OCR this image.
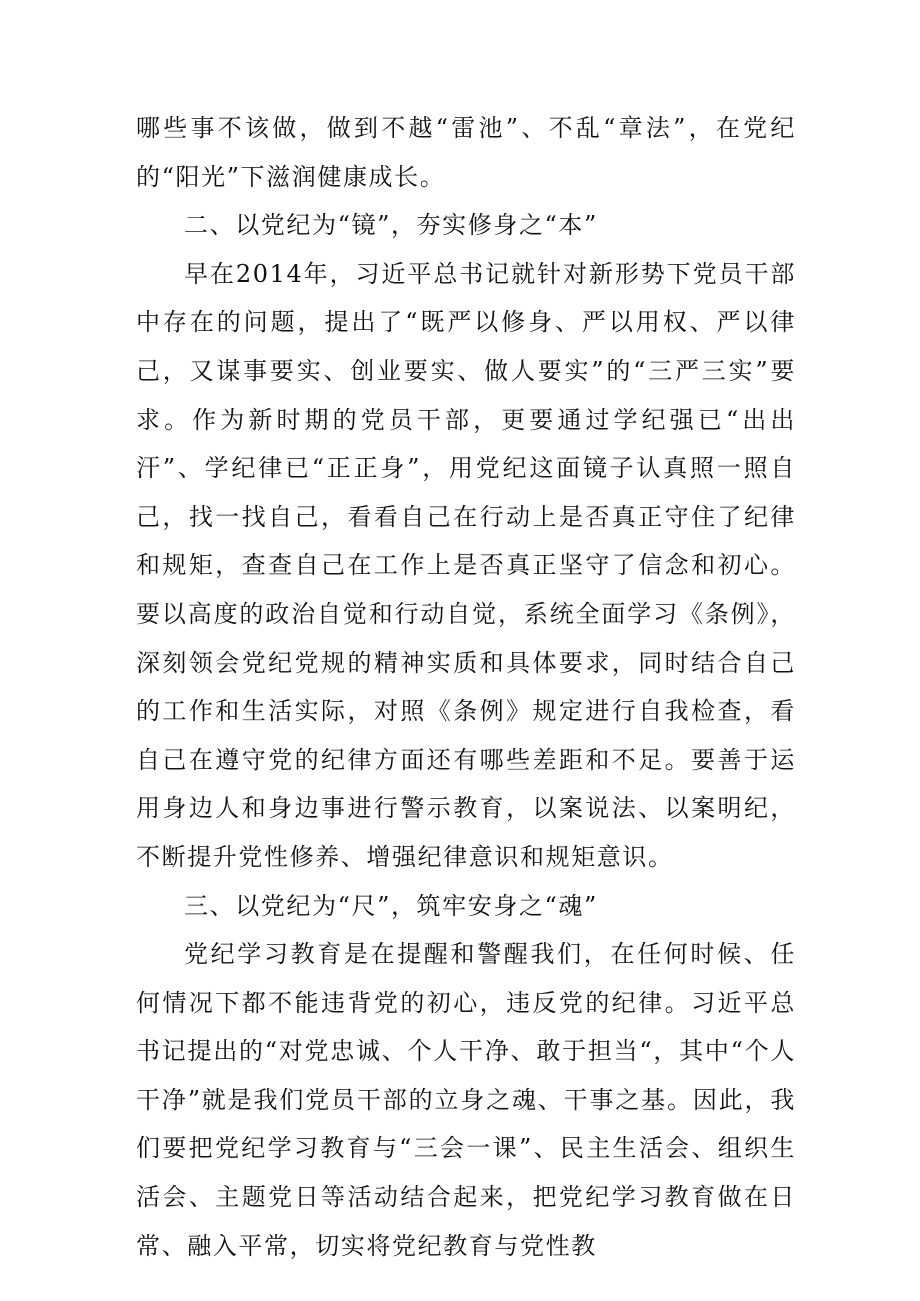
哪些事不该做，做到不越“雷池”、不乱“章法”，在党纪的“阳光”下滋润健康成长。

二、以党纪为“镜”，夯实修身之“本”

早在2014年，习近平总书记就针对新形势下党员干部中存在的问题，提出了“既严以修身、严以用权、严以律己，又谋事要实、创业要实、做人要实”的“三严三实”要求。作为新时期的党员干部，更要通过学纪强已“出出汗”、学纪律已“正正身”，用党纪这面镜子认真照一照自己，找一找自己，看看自己在行动上是否真正守住了纪律和规矩，查查自己在工作上是否真正坚守了信念和初心。要以高度的政治自觉和行动自觉，系统全面学习《条例》，深刻领会党纪党规的精神实质和具体要求，同时结合自己的工作和生活实际，对照《条例》规定进行自我检查，看自己在遵守党的纪律方面还有哪些差距和不足。要善于运用身边人和身边事进行警示教育，以案说法、以案明纪，不断提升党性修养、增强纪律意识和规矩意识。

三、以党纪为“尺”，筑牢安身之“魂”

党纪学习教育是在提醒和警醒我们，在任何时候、任何情况下都不能违背党的初心，违反党的纪律。习近平总书记提出的“对党忠诚、个人干净、敢于担当“，其中“个人干净”就是我们党员干部的立身之魂、干事之基。因此，我们要把党纪学习教育与“三会一课”、民主生活会、组织生活会、主题党日等活动结合起来，把党纪学习教育做在日常、融入平常，切实将党纪教育与党性教
